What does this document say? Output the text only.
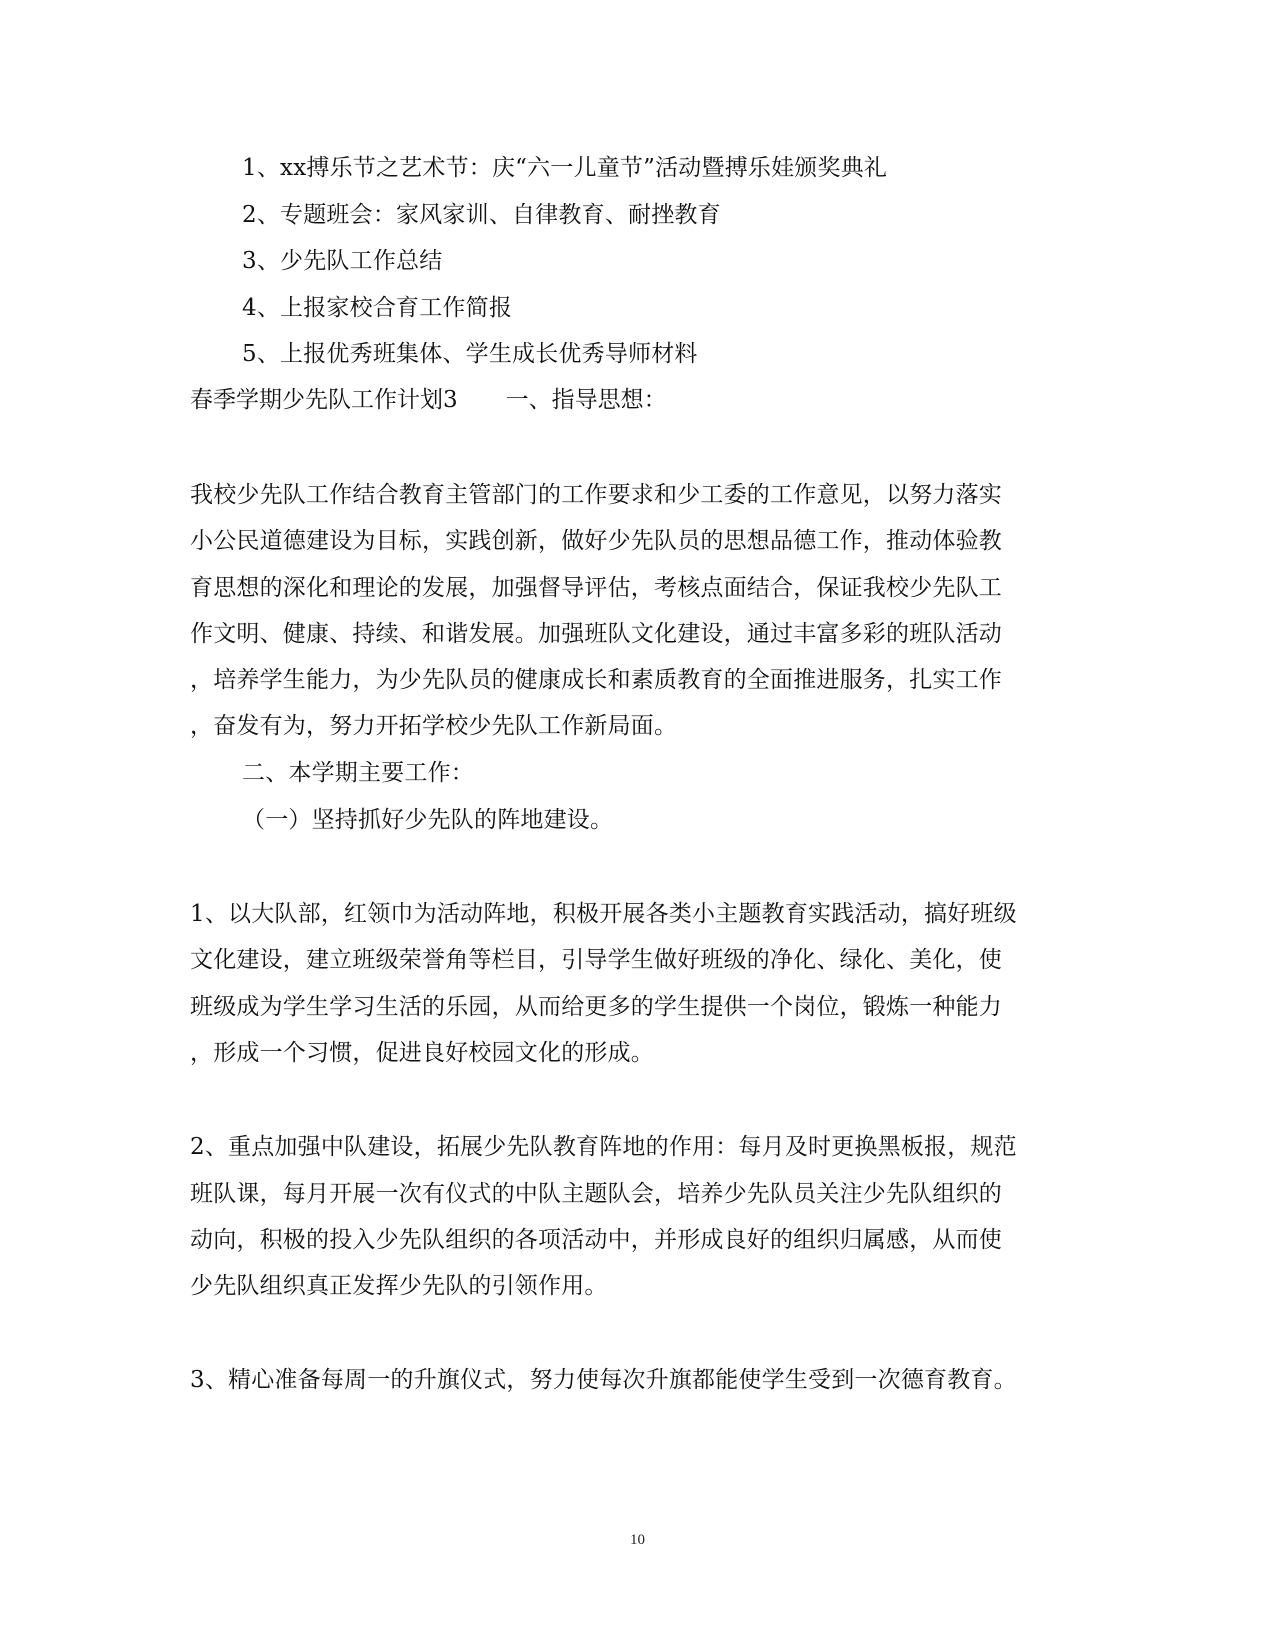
1、xx搏乐节之艺术节：庆“六一儿童节”活动暨搏乐娃颁奖典礼
2、专题班会：家风家训、自律教育、耐挫教育
3、少先队工作总结
4、上报家校合育工作简报
5、上报优秀班集体、学生成长优秀导师材料
春季学期少先队工作计划3 一、指导思想：
我校少先队工作结合教育主管部门的工作要求和少工委的工作意见，以努力落实
小公民道德建设为目标，实践创新，做好少先队员的思想品德工作，推动体验教
育思想的深化和理论的发展，加强督导评估，考核点面结合，保证我校少先队工
作文明、健康、持续、和谐发展。加强班队文化建设，通过丰富多彩的班队活动
，培养学生能力，为少先队员的健康成长和素质教育的全面推进服务，扎实工作
，奋发有为，努力开拓学校少先队工作新局面。
二、本学期主要工作：
（一）坚持抓好少先队的阵地建设。
1、以大队部，红领巾为活动阵地，积极开展各类小主题教育实践活动，搞好班级
文化建设，建立班级荣誉角等栏目，引导学生做好班级的净化、绿化、美化，使
班级成为学生学习生活的乐园，从而给更多的学生提供一个岗位，锻炼一种能力
，形成一个习惯，促进良好校园文化的形成。
2、重点加强中队建设，拓展少先队教育阵地的作用：每月及时更换黑板报，规范
班队课，每月开展一次有仪式的中队主题队会，培养少先队员关注少先队组织的
动向，积极的投入少先队组织的各项活动中，并形成良好的组织归属感，从而使
少先队组织真正发挥少先队的引领作用。
3、精心准备每周一的升旗仪式，努力使每次升旗都能使学生受到一次德育教育。
10
